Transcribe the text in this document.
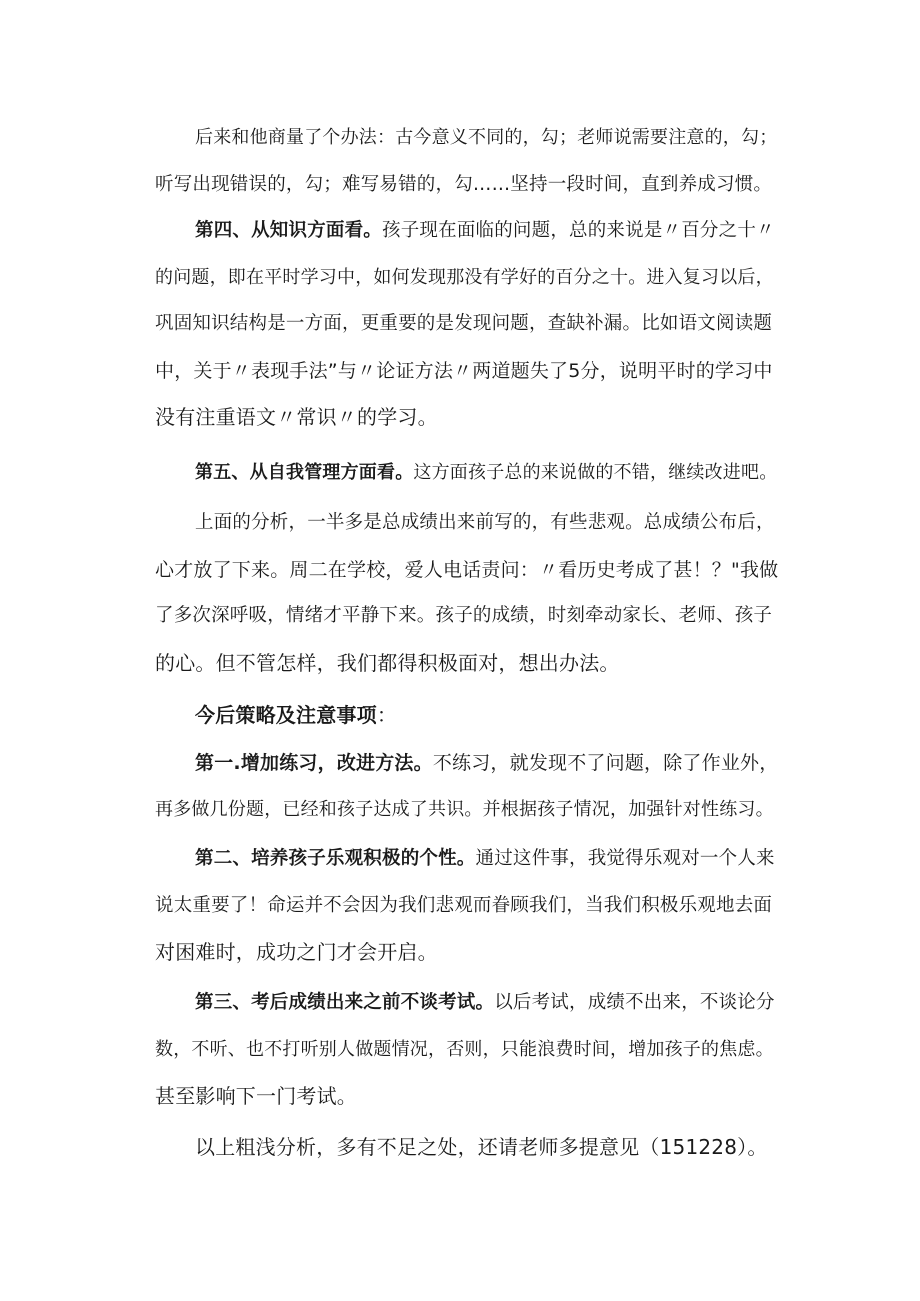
后来和他商量了个办法：古今意义不同的，勾；老师说需要注意的，勾；
听写出现错误的，勾；难写易错的，勾……坚持一段时间，直到养成习惯。
第四、从知识方面看。孩子现在面临的问题，总的来说是〃百分之十〃
的问题，即在平时学习中，如何发现那没有学好的百分之十。进入复习以后，
巩固知识结构是一方面，更重要的是发现问题，查缺补漏。比如语文阅读题
中，关于〃表现手法”与〃论证方法〃两道题失了5分，说明平时的学习中
没有注重语文〃常识〃的学习。
第五、从自我管理方面看。这方面孩子总的来说做的不错，继续改进吧。
上面的分析，一半多是总成绩出来前写的，有些悲观。总成绩公布后，
心才放了下来。周二在学校，爱人电话责问：〃看历史考成了甚！？"我做
了多次深呼吸，情绪才平静下来。孩子的成绩，时刻牵动家长、老师、孩子
的心。但不管怎样，我们都得积极面对，想出办法。
今后策略及注意事项：
第一.增加练习，改进方法。不练习，就发现不了问题，除了作业外，
再多做几份题，已经和孩子达成了共识。并根据孩子情况，加强针对性练习。
第二、培养孩子乐观积极的个性。通过这件事，我觉得乐观对一个人来
说太重要了！命运并不会因为我们悲观而眷顾我们，当我们积极乐观地去面
对困难时，成功之门才会开启。
第三、考后成绩出来之前不谈考试。以后考试，成绩不出来，不谈论分
数，不听、也不打听别人做题情况，否则，只能浪费时间，增加孩子的焦虑。
甚至影响下一门考试。
以上粗浅分析，多有不足之处，还请老师多提意见（151228）。
